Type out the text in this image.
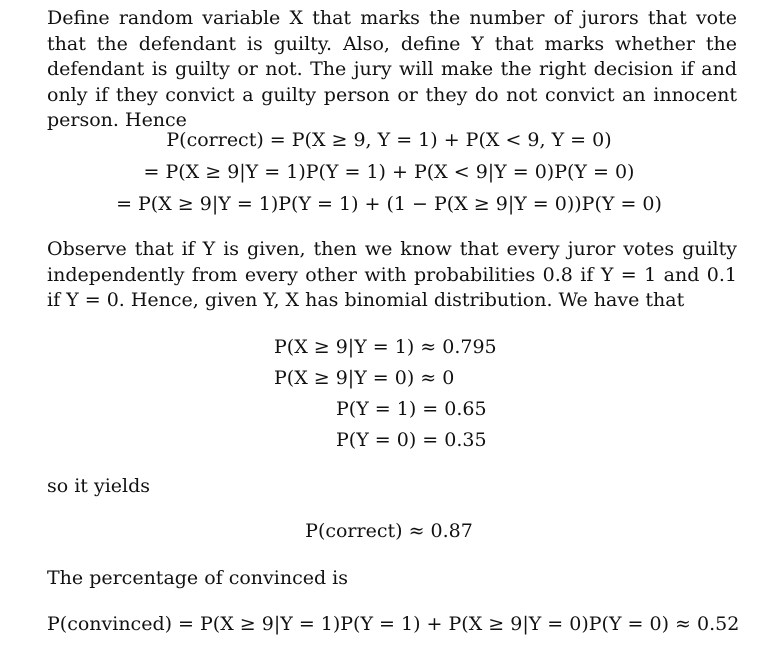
Define random variable X that marks the number of jurors that vote that the defendant is guilty. Also, define Y that marks whether the defendant is guilty or not. The jury will make the right decision if and only if they convict a guilty person or they do not convict an innocent person. Hence

P(correct) = P(X ≥ 9, Y = 1) + P(X < 9, Y = 0)
= P(X ≥ 9|Y = 1)P(Y = 1) + P(X < 9|Y = 0)P(Y = 0)
= P(X ≥ 9|Y = 1)P(Y = 1) + (1 − P(X ≥ 9|Y = 0))P(Y = 0)

Observe that if Y is given, then we know that every juror votes guilty independently from every other with probabilities 0.8 if Y = 1 and 0.1 if Y = 0. Hence, given Y, X has binomial distribution. We have that

P(X ≥ 9|Y = 1) ≈ 0.795
P(X ≥ 9|Y = 0) ≈ 0
P(Y = 1) = 0.65
P(Y = 0) = 0.35

so it yields

P(correct) ≈ 0.87

The percentage of convinced is

P(convinced) = P(X ≥ 9|Y = 1)P(Y = 1) + P(X ≥ 9|Y = 0)P(Y = 0) ≈ 0.52
